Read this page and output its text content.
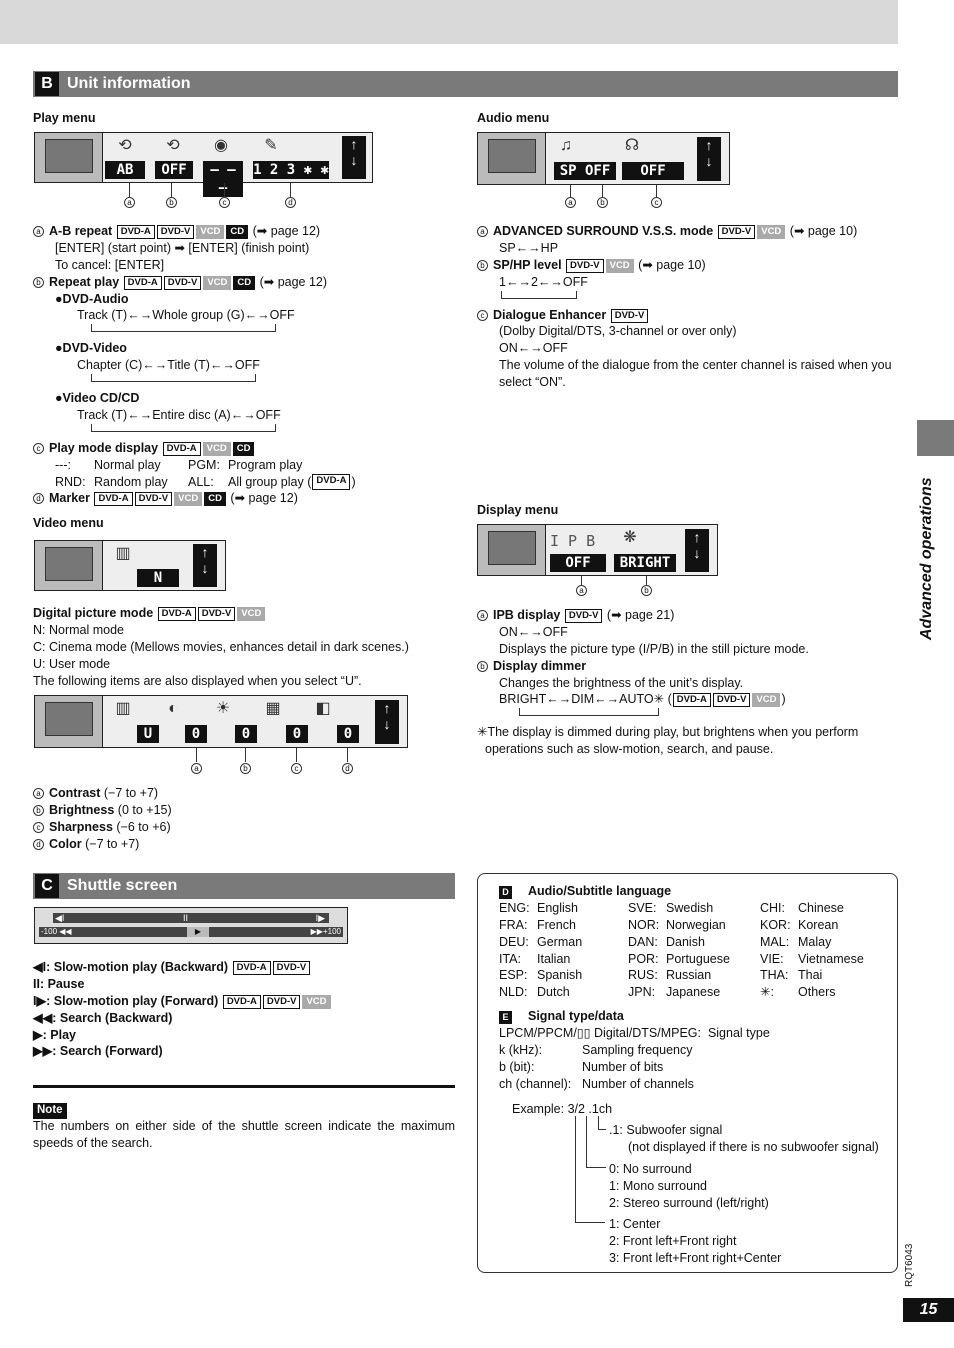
B Unit information
Play menu
⟲	⟲	◉	✎
AB	OFF	– – –
1 2 3 ✱ ✱
↑
↓
a	b	c	d
a A-B repeat DVD-A DVD-V VCD CD (➡ page 12)
[ENTER] (start point) ➡ [ENTER] (finish point)
To cancel: [ENTER]
b Repeat play DVD-A DVD-V VCD CD (➡ page 12)
●DVD-Audio
Track (T)←→Whole group (G)←→OFF
●DVD-Video
Chapter (C)←→Title (T)←→OFF
●Video CD/CD
Track (T)←→Entire disc (A)←→OFF
c Play mode display DVD-A VCD CD
---:	Normal play	PGM: Program play
RND: Random play	ALL:	All group play ( DVD-A )
d Marker DVD-A DVD-V VCD CD (➡ page 12)
Video menu
▥
N
↑
↓
Digital picture mode DVD-A DVD-V VCD
N: Normal mode
C: Cinema mode (Mellows movies, enhances detail in dark scenes.)
U: User mode
The following items are also displayed when you select “U”.
▥	◐	☀	▦	◧
U	0	0	0	0
↑
↓
a	b	c	d
a Contrast (−7 to +7)
b Brightness (0 to +15)
c Sharpness (−6 to +6)
d Color (−7 to +7)
Audio menu
♫	☊
SP OFF	OFF
↑
↓
a	b	c
a ADVANCED SURROUND V.S.S. mode DVD-V VCD (➡ page 10)
SP←→HP
b SP/HP level DVD-V VCD (➡ page 10)
1←→2←→OFF
c Dialogue Enhancer DVD-V
(Dolby Digital/DTS, 3-channel or over only)
ON←→OFF
The volume of the dialogue from the center channel is raised when you select “ON”.
Display menu
I P B	❋
OFF	BRIGHT
↑
↓
a	b
a IPB display DVD-V (➡ page 21)
ON←→OFF
Displays the picture type (I/P/B) in the still picture mode.
b Display dimmer
Changes the brightness of the unit’s display.
BRIGHT←→DIM←→AUTO✳ ( DVD-A DVD-V VCD )
✳The display is dimmed during play, but brightens when you perform operations such as slow-motion, search, and pause.
C Shuttle screen
◀I	II	I▶
-100 ◀◀	▶	▶▶+100
◀I: Slow-motion play (Backward) DVD-A DVD-V
II: Pause
I▶: Slow-motion play (Forward) DVD-A DVD-V VCD
◀◀: Search (Backward)
▶: Play
▶▶: Search (Forward)
Note
The numbers on either side of the shuttle screen indicate the maximum speeds of the search.
D Audio/Subtitle language
ENG:	English	SVE:	Swedish	CHI:	Chinese
FRA:	French	NOR:	Norwegian	KOR:	Korean
DEU:	German	DAN:	Danish	MAL:	Malay
ITA:	Italian	POR:	Portuguese	VIE:	Vietnamese
ESP:	Spanish	RUS:	Russian	THA:	Thai
NLD:	Dutch	JPN:	Japanese	✳:	Others
E Signal type/data
LPCM/PPCM/▯▯ Digital/DTS/MPEG:
Signal type
k (kHz):	Sampling frequency
b (bit):	Number of bits
ch (channel): Number of channels
Example: 3/2 .1ch
.1: Subwoofer signal
(not displayed if there is no subwoofer signal)
0: No surround
1: Mono surround
2: Stereo surround (left/right)
1: Center
2: Front left+Front right
3: Front left+Front right+Center
Advanced operations
RQT6043
15
